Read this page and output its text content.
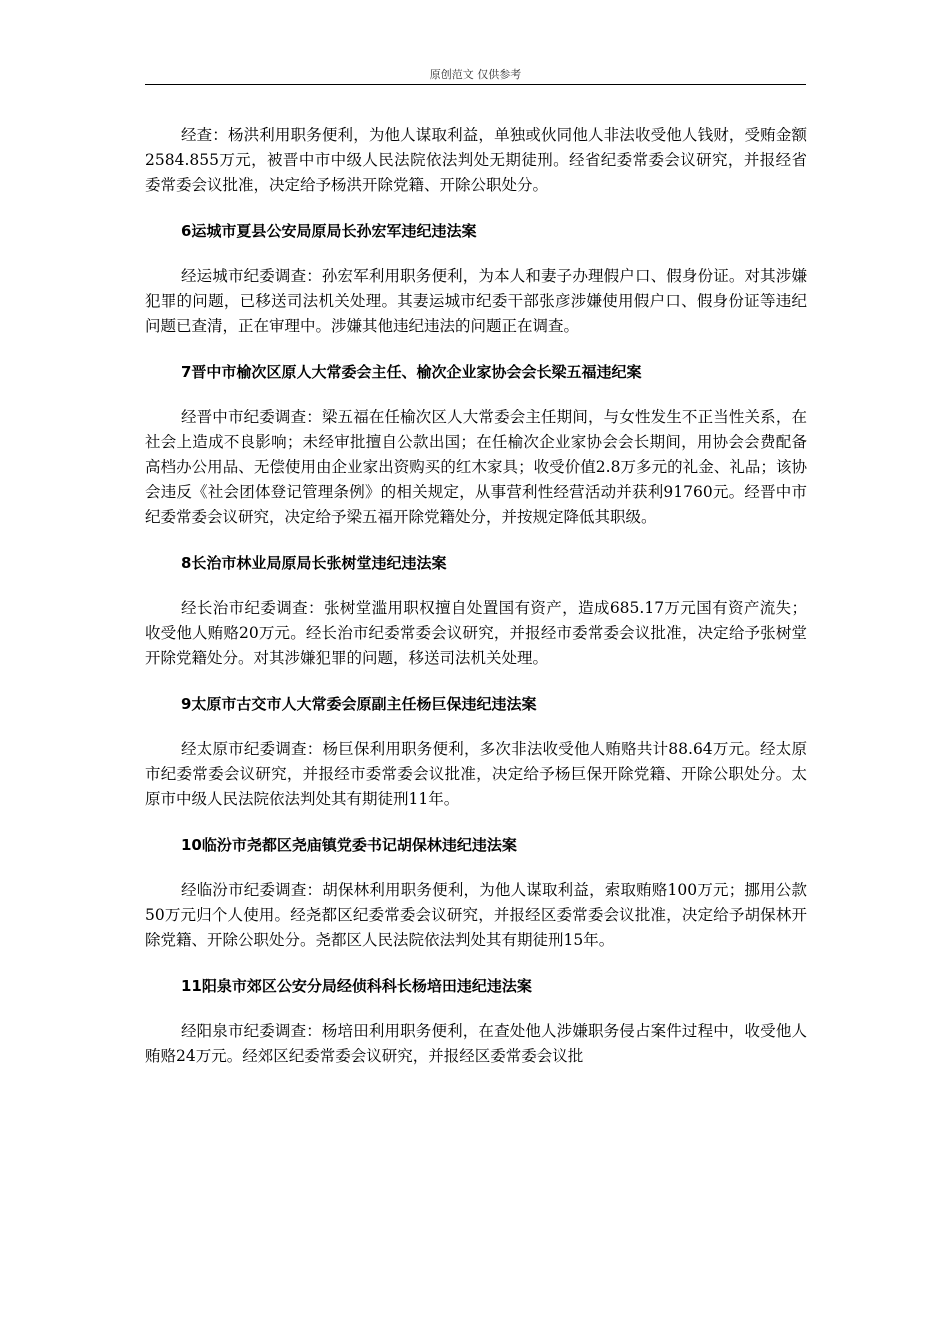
原创范文 仅供参考

经查：杨洪利用职务便利，为他人谋取利益，单独或伙同他人非法收受他人钱财，受贿金额2584.855万元，被晋中市中级人民法院依法判处无期徒刑。经省纪委常委会议研究，并报经省委常委会议批准，决定给予杨洪开除党籍、开除公职处分。

6运城市夏县公安局原局长孙宏军违纪违法案

经运城市纪委调查：孙宏军利用职务便利，为本人和妻子办理假户口、假身份证。对其涉嫌犯罪的问题，已移送司法机关处理。其妻运城市纪委干部张彦涉嫌使用假户口、假身份证等违纪问题已查清，正在审理中。涉嫌其他违纪违法的问题正在调查。

7晋中市榆次区原人大常委会主任、榆次企业家协会会长梁五福违纪案

经晋中市纪委调查：梁五福在任榆次区人大常委会主任期间，与女性发生不正当性关系，在社会上造成不良影响；未经审批擅自公款出国；在任榆次企业家协会会长期间，用协会会费配备高档办公用品、无偿使用由企业家出资购买的红木家具；收受价值2.8万多元的礼金、礼品；该协会违反《社会团体登记管理条例》的相关规定，从事营利性经营活动并获利91760元。经晋中市纪委常委会议研究，决定给予梁五福开除党籍处分，并按规定降低其职级。

8长治市林业局原局长张树堂违纪违法案

经长治市纪委调查：张树堂滥用职权擅自处置国有资产，造成685.17万元国有资产流失；收受他人贿赂20万元。经长治市纪委常委会议研究，并报经市委常委会议批准，决定给予张树堂开除党籍处分。对其涉嫌犯罪的问题，移送司法机关处理。

9太原市古交市人大常委会原副主任杨巨保违纪违法案

经太原市纪委调查：杨巨保利用职务便利，多次非法收受他人贿赂共计88.64万元。经太原市纪委常委会议研究，并报经市委常委会议批准，决定给予杨巨保开除党籍、开除公职处分。太原市中级人民法院依法判处其有期徒刑11年。

10临汾市尧都区尧庙镇党委书记胡保林违纪违法案

经临汾市纪委调查：胡保林利用职务便利，为他人谋取利益，索取贿赂100万元；挪用公款50万元归个人使用。经尧都区纪委常委会议研究，并报经区委常委会议批准，决定给予胡保林开除党籍、开除公职处分。尧都区人民法院依法判处其有期徒刑15年。

11阳泉市郊区公安分局经侦科科长杨培田违纪违法案

经阳泉市纪委调查：杨培田利用职务便利，在查处他人涉嫌职务侵占案件过程中，收受他人贿赂24万元。经郊区纪委常委会议研究，并报经区委常委会议批
